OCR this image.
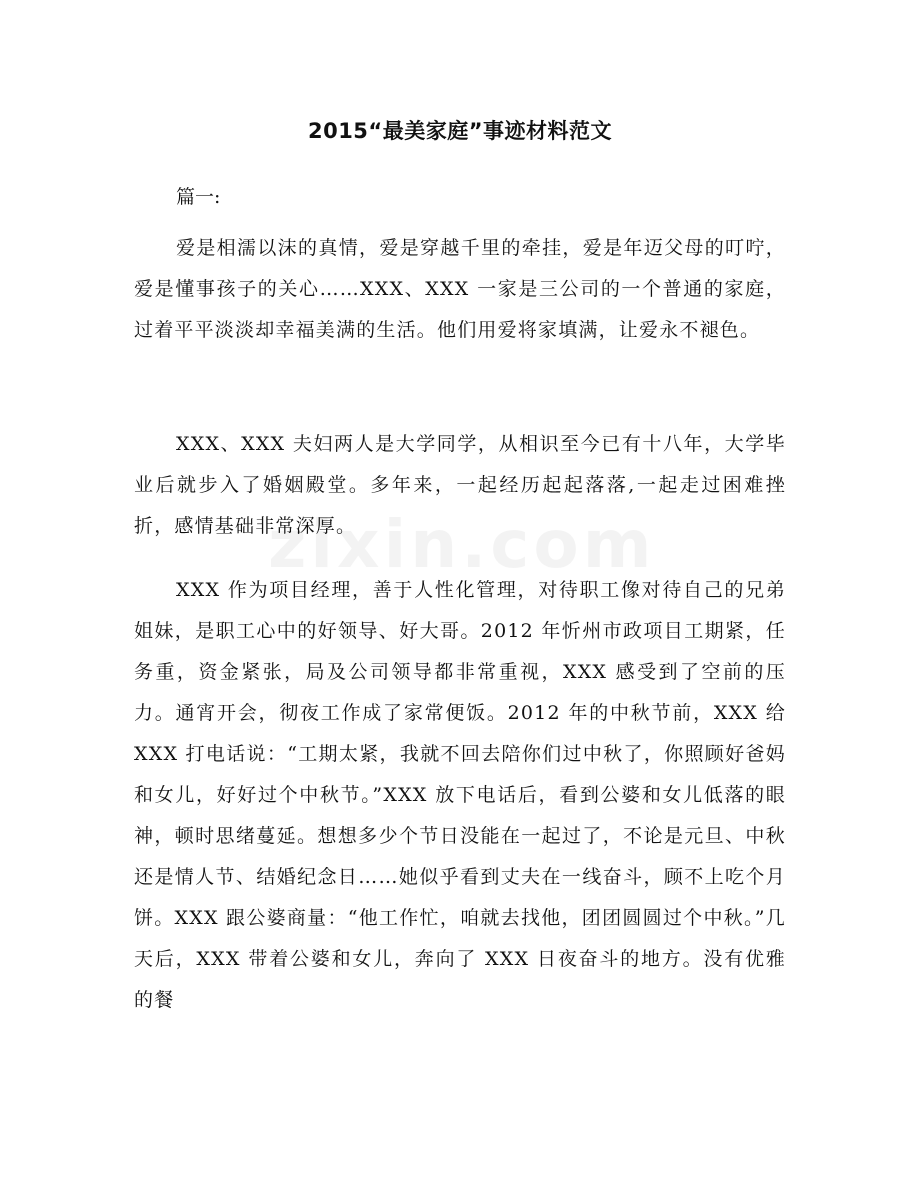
2015“最美家庭”事迹材料范文
篇一:

爱是相濡以沫的真情，爱是穿越千里的牵挂，爱是年迈父母的叮咛，爱是懂事孩子的关心……XXX、XXX 一家是三公司的一个普通的家庭，过着平平淡淡却幸福美满的生活。他们用爱将家填满，让爱永不褪色。

XXX、XXX 夫妇两人是大学同学，从相识至今已有十八年，大学毕业后就步入了婚姻殿堂。多年来，一起经历起起落落,一起走过困难挫折，感情基础非常深厚。

XXX 作为项目经理，善于人性化管理，对待职工像对待自己的兄弟姐妹，是职工心中的好领导、好大哥。2012 年忻州市政项目工期紧，任务重，资金紧张，局及公司领导都非常重视，XXX 感受到了空前的压力。通宵开会，彻夜工作成了家常便饭。2012 年的中秋节前，XXX 给 XXX 打电话说：“工期太紧，我就不回去陪你们过中秋了，你照顾好爸妈和女儿，好好过个中秋节。”XXX 放下电话后，看到公婆和女儿低落的眼神，顿时思绪蔓延。想想多少个节日没能在一起过了，不论是元旦、中秋还是情人节、结婚纪念日……她似乎看到丈夫在一线奋斗，顾不上吃个月饼。XXX 跟公婆商量：“他工作忙，咱就去找他，团团圆圆过个中秋。”几天后，XXX 带着公婆和女儿，奔向了 XXX 日夜奋斗的地方。没有优雅的餐
